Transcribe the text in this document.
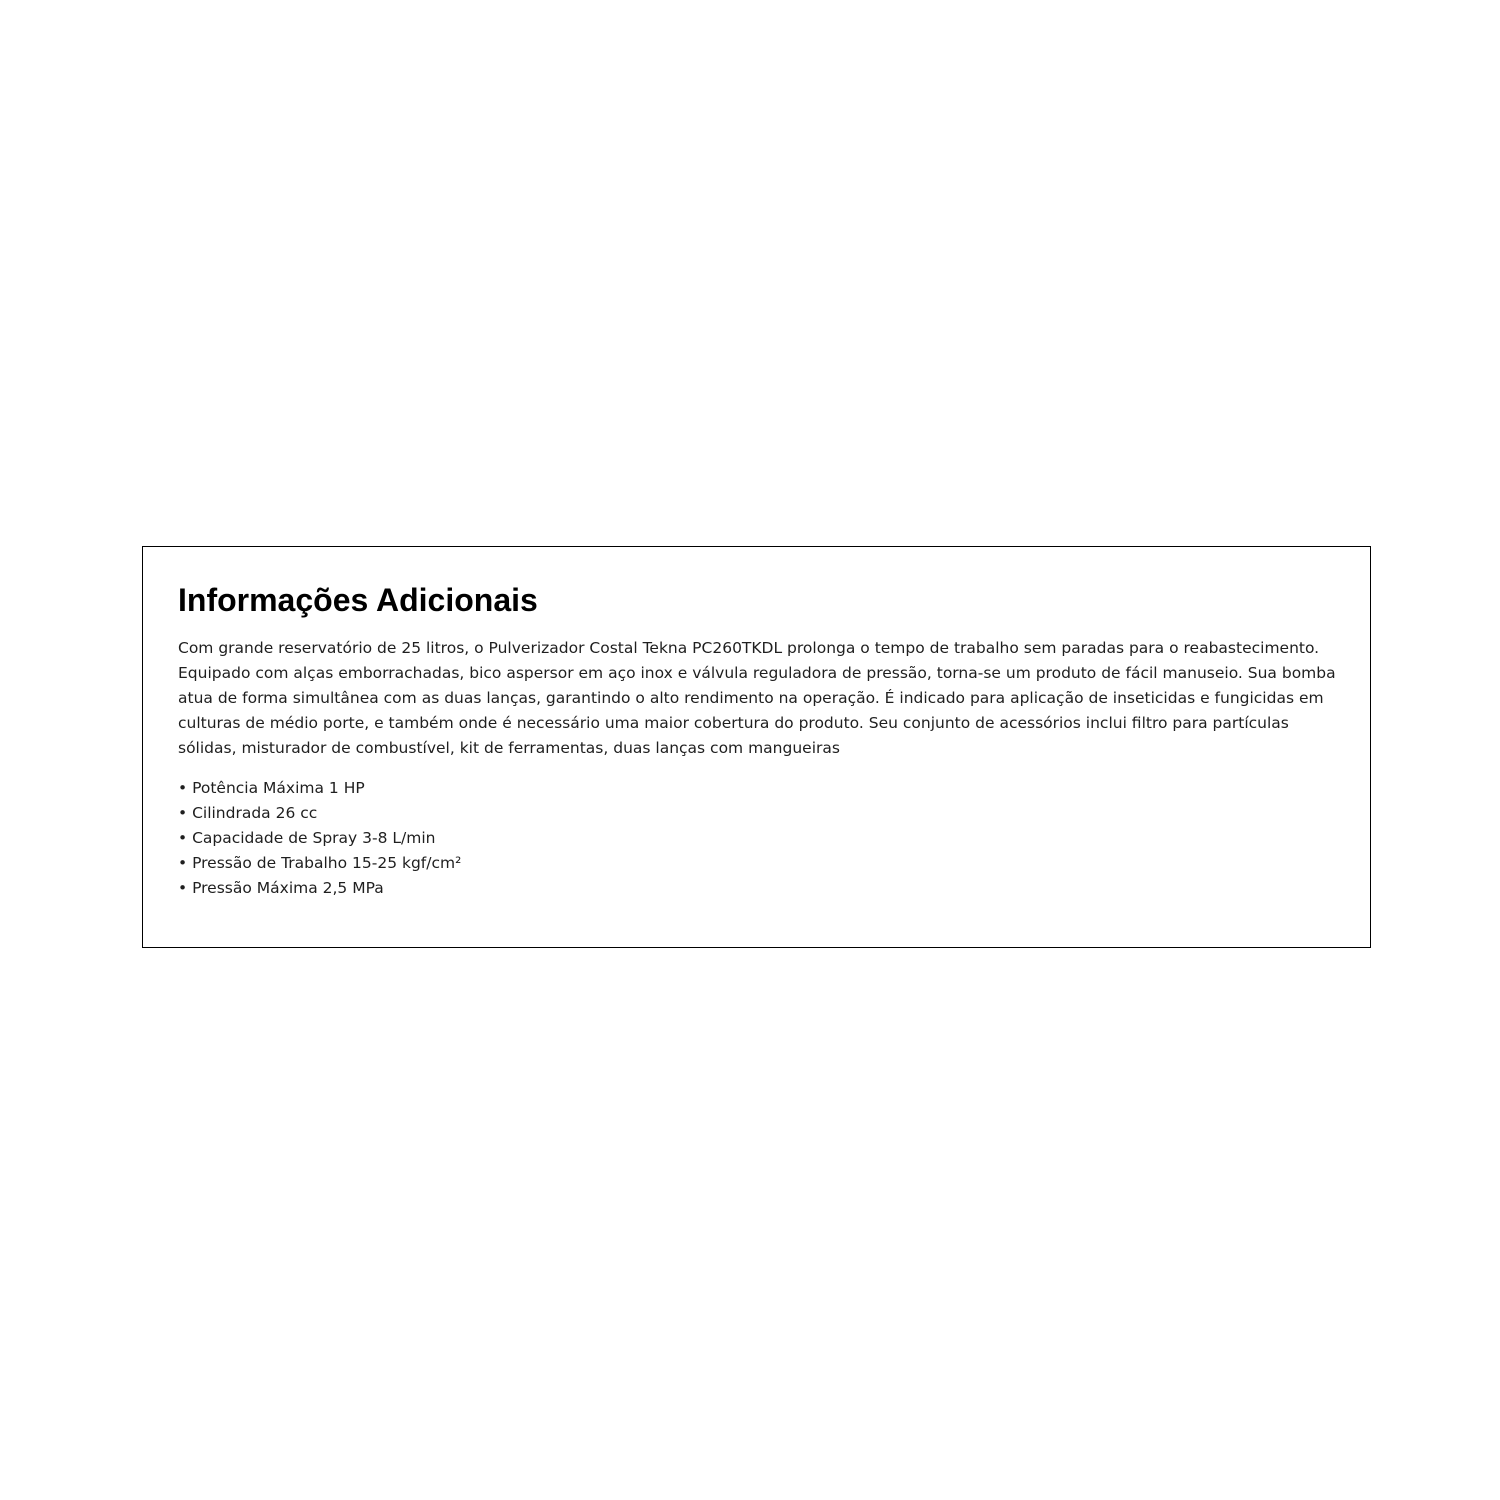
Informações Adicionais

Com grande reservatório de 25 litros, o Pulverizador Costal Tekna PC260TKDL prolonga o tempo de trabalho sem paradas para o reabastecimento. Equipado com alças emborrachadas, bico aspersor em aço inox e válvula reguladora de pressão, torna-se um produto de fácil manuseio. Sua bomba atua de forma simultânea com as duas lanças, garantindo o alto rendimento na operação. É indicado para aplicação de inseticidas e fungicidas em culturas de médio porte, e também onde é necessário uma maior cobertura do produto. Seu conjunto de acessórios inclui filtro para partículas sólidas, misturador de combustível, kit de ferramentas, duas lanças com mangueiras

• Potência Máxima 1 HP
• Cilindrada 26 cc
• Capacidade de Spray 3-8 L/min
• Pressão de Trabalho 15-25 kgf/cm²
• Pressão Máxima 2,5 MPa
